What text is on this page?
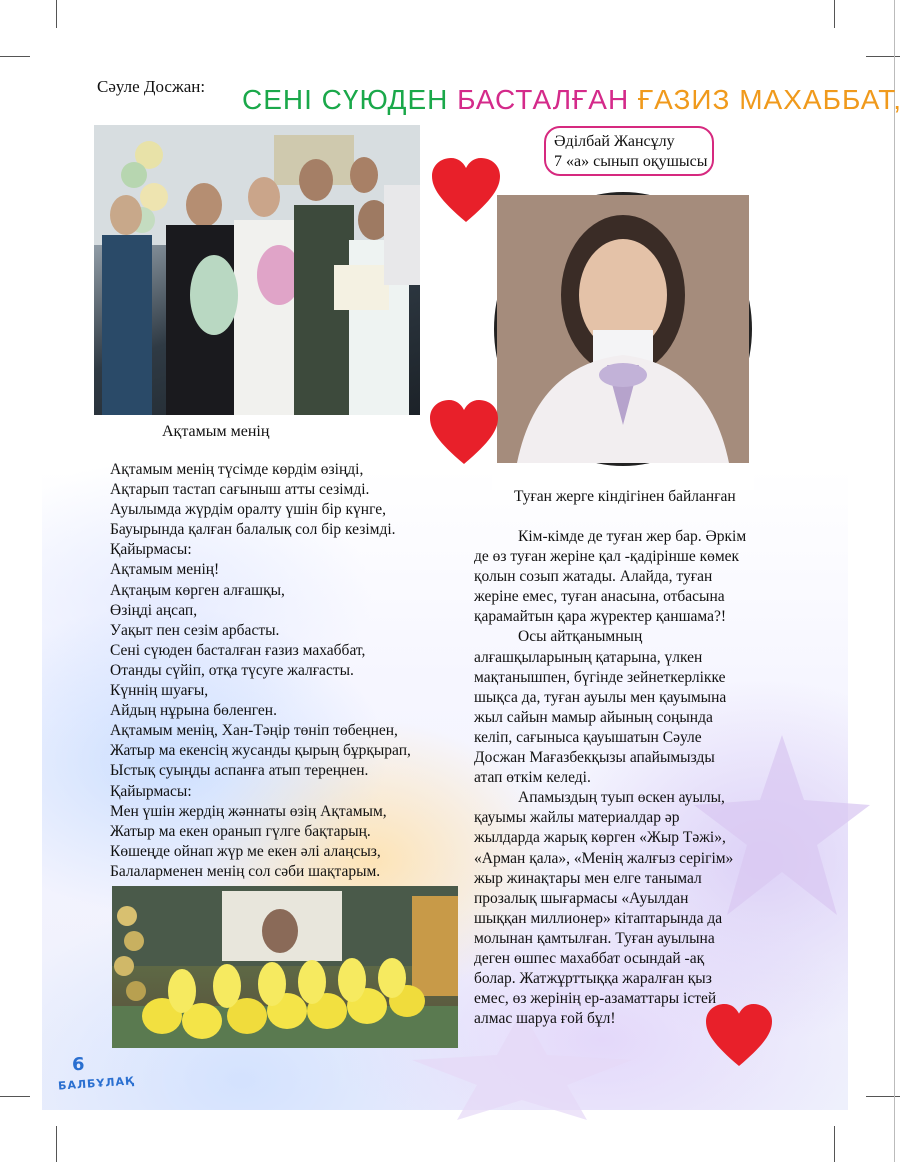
Сәуле Досжан: СЕНІ СҮЮДЕН БАСТАЛҒАН ҒАЗИЗ МАХАББАТ,
Ақтамым менің
Әділбай Жансұлу
7 «а» сынып оқушысы
Ақтамым менің түсімде көрдім өзіңді,
Ақтарып тастап сағыныш атты сезімді.
Ауылымда жүрдім оралту үшін бір күнге,
Бауырында қалған балалық сол бір кезімді.
Қайырмасы:
Ақтамым менің!
Ақтаңым көрген алғашқы,
Өзіңді аңсап,
Уақыт пен сезім арбасты.
Сені сүюден басталған ғазиз махаббат,
Отанды сүйіп, отқа түсуге жалғасты.
Күннің шуағы,
Айдың нұрына бөленген.
Ақтамым менің, Хан-Тәңір төніп төбеңнен,
Жатыр ма екенсің жусанды қырың бұрқырап,
Ыстық суыңды аспанға атып тереңнен.
Қайырмасы:
Мен үшін жердің жәннаты өзің Ақтамым,
Жатыр ма екен оранып гүлге бақтарың.
Көшеңде ойнап жүр ме екен әлі алаңсыз,
Балаларменен менің сол сәби шақтарым.
Туған жерге кіндігінен байланған
Кім-кімде де туған жер бар. Әркім
де өз туған жеріне қал -қадірінше көмек
қолын созып жатады. Алайда, туған
жеріне емес, туған анасына, отбасына
қарамайтын қара жүректер қаншама?!
Осы айтқанымның
алғашқыларының қатарына, үлкен
мақтанышпен, бүгінде зейнеткерлікке
шықса да, туған ауылы мен қауымына
жыл сайын мамыр айының соңында
келіп, сағынысa қауышатын Сәуле
Досжан Мағазбекқызы апайымызды
атап өткім келеді.
Апамыздың туып өскен ауылы,
қауымы жайлы материалдар әр
жылдарда жарық көрген «Жыр Тәжі»,
«Арман қала», «Менің жалғыз серігім»
жыр жинақтары мен елге танымал
прозалық шығармасы «Ауылдан
шыққан миллионер» кітаптарында да
молынан қамтылған. Туған ауылына
деген өшпес махаббат осындай -ақ
болар. Жатжұрттыққа жаралған қыз
емес, өз жерінің ер-азаматтары істей
алмас шаруа ғой бұл!
6
БАЛБҰЛАҚ
